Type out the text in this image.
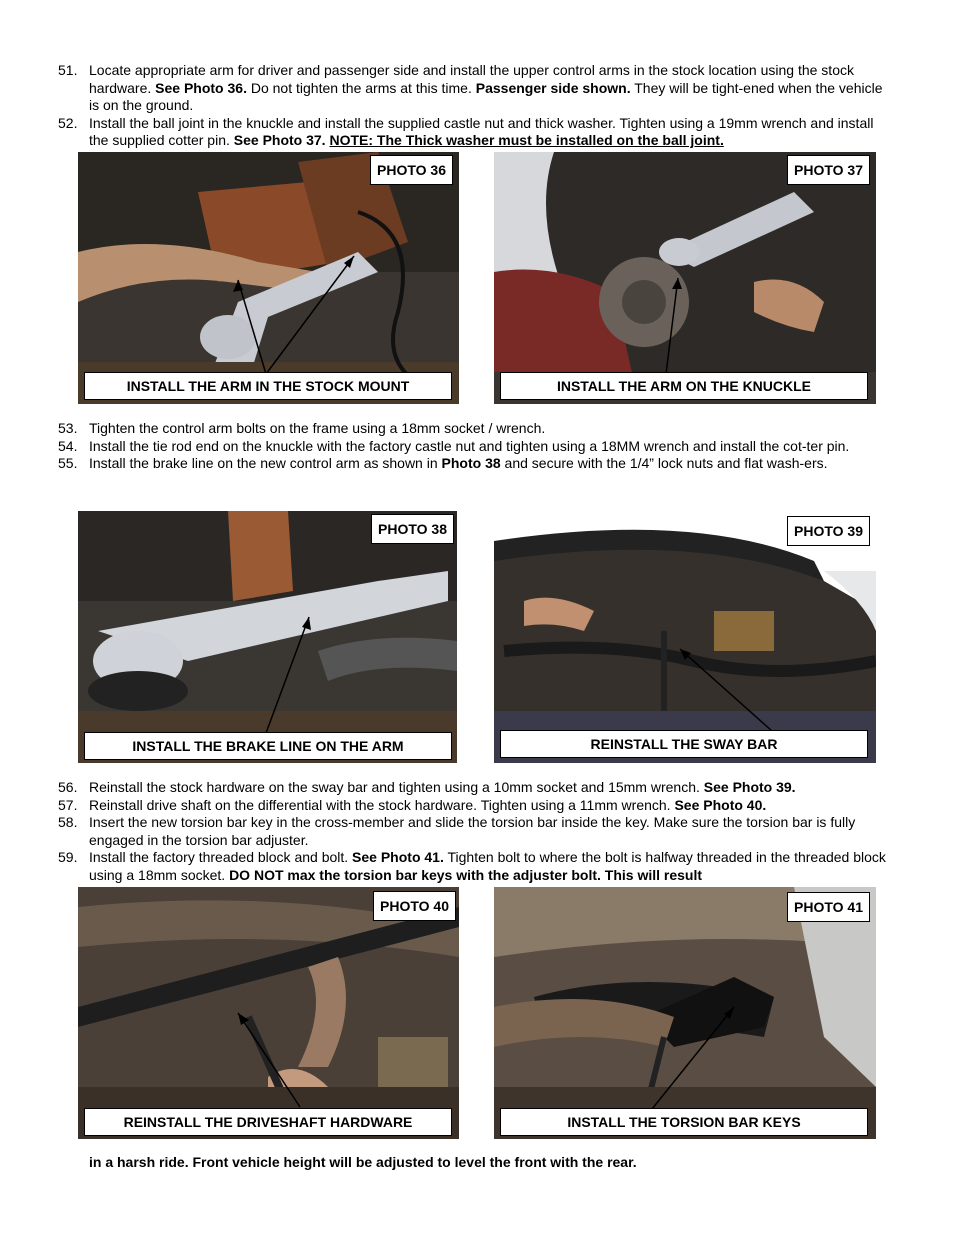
51. Locate appropriate arm for driver and passenger side and install the upper control arms in the stock location using the stock hardware. See Photo 36. Do not tighten the arms at this time. Passenger side shown. They will be tight-ened when the vehicle is on the ground.
52. Install the ball joint in the knuckle and install the supplied castle nut and thick washer. Tighten using a 19mm wrench and install the supplied cotter pin. See Photo 37. NOTE: The Thick washer must be installed on the ball joint.
PHOTO 36
INSTALL THE ARM IN THE STOCK MOUNT
PHOTO 37
INSTALL THE ARM ON THE KNUCKLE
53. Tighten the control arm bolts on the frame using a 18mm socket / wrench.
54. Install the tie rod end on the knuckle with the factory castle nut and tighten using a 18MM wrench and install the cot-ter pin.
55. Install the brake line on the new control arm as shown in Photo 38 and secure with the 1/4” lock nuts and flat wash-ers.
PHOTO 38
INSTALL THE BRAKE LINE ON THE ARM
PHOTO 39
REINSTALL THE SWAY BAR
56. Reinstall the stock hardware on the sway bar and tighten using a 10mm socket and 15mm wrench. See Photo 39.
57. Reinstall drive shaft on the differential with the stock hardware. Tighten using a 11mm wrench. See Photo 40.
58. Insert the new torsion bar key in the cross-member and slide the torsion bar inside the key. Make sure the torsion bar is fully engaged in the torsion bar adjuster.
59. Install the factory threaded block and bolt. See Photo 41. Tighten bolt to where the bolt is halfway threaded in the threaded block using a 18mm socket. DO NOT max the torsion bar keys with the adjuster bolt. This will result
PHOTO 40
REINSTALL THE DRIVESHAFT HARDWARE
PHOTO 41
INSTALL THE TORSION BAR KEYS
in a harsh ride. Front vehicle height will be adjusted to level the front with the rear.
